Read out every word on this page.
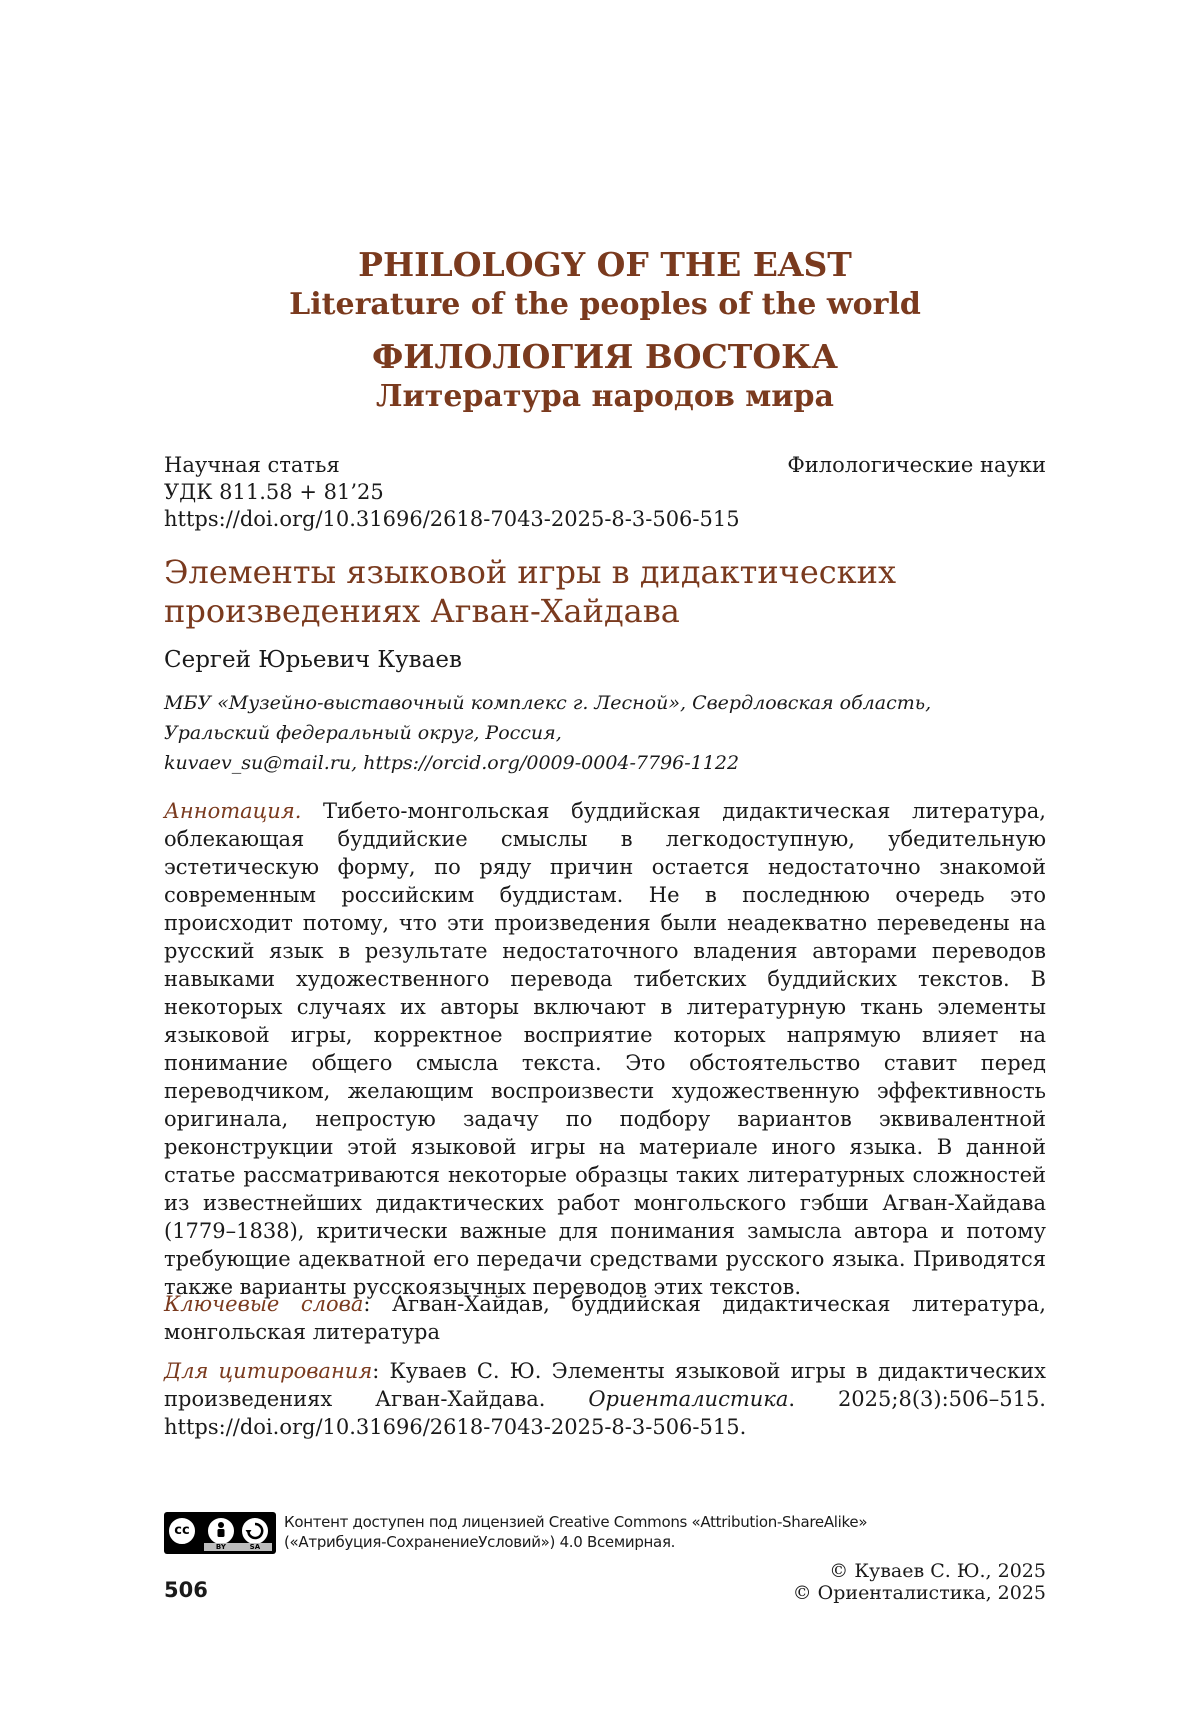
PHILOLOGY OF THE EAST
Literature of the peoples of the world
ФИЛОЛОГИЯ ВОСТОКА
Литература народов мира
Научная статья	Филологические науки
УДК 811.58 + 81’25
https://doi.org/10.31696/2618-7043-2025-8-3-506-515
Элементы языковой игры в дидактических произведениях Агван-Хайдава
Сергей Юрьевич Куваев
МБУ «Музейно-выставочный комплекс г. Лесной», Свердловская область,
Уральский федеральный округ, Россия,
kuvaev_su@mail.ru, https://orcid.org/0009-0004-7796-1122
Аннотация. Тибето-монгольская буддийская дидактическая литература, облекающая буддийские смыслы в легкодоступную, убедительную эстетическую форму, по ряду причин остается недостаточно знакомой современным российским буддистам. Не в последнюю очередь это происходит потому, что эти произведения были неадекватно переведены на русский язык в результате недостаточного владения авторами переводов навыками художественного перевода тибетских буддийских текстов. В некоторых случаях их авторы включают в литературную ткань элементы языковой игры, корректное восприятие которых напрямую влияет на понимание общего смысла текста. Это обстоятельство ставит перед переводчиком, желающим воспроизвести художественную эффективность оригинала, непростую задачу по подбору вариантов эквивалентной реконструкции этой языковой игры на материале иного языка. В данной статье рассматриваются некоторые образцы таких литературных сложностей из известнейших дидактических работ монгольского гэбши Агван-Хайдава (1779–1838), критически важные для понимания замысла автора и потому требующие адекватной его передачи средствами русского языка. Приводятся также варианты русскоязычных переводов этих текстов.
Ключевые слова: Агван-Хайдав, буддийская дидактическая литература, монгольская литература
Для цитирования: Куваев С. Ю. Элементы языковой игры в дидактических произведениях Агван-Хайдава. Ориенталистика. 2025;8(3):506–515. https://doi.org/10.31696/2618-7043-2025-8-3-506-515.
cc
BY	SA
Контент доступен под лицензией Creative Commons «Attribution-ShareAlike»
(«Атрибуция-СохранениеУсловий») 4.0 Всемирная.
506
© Куваев С. Ю., 2025
© Ориенталистика, 2025
